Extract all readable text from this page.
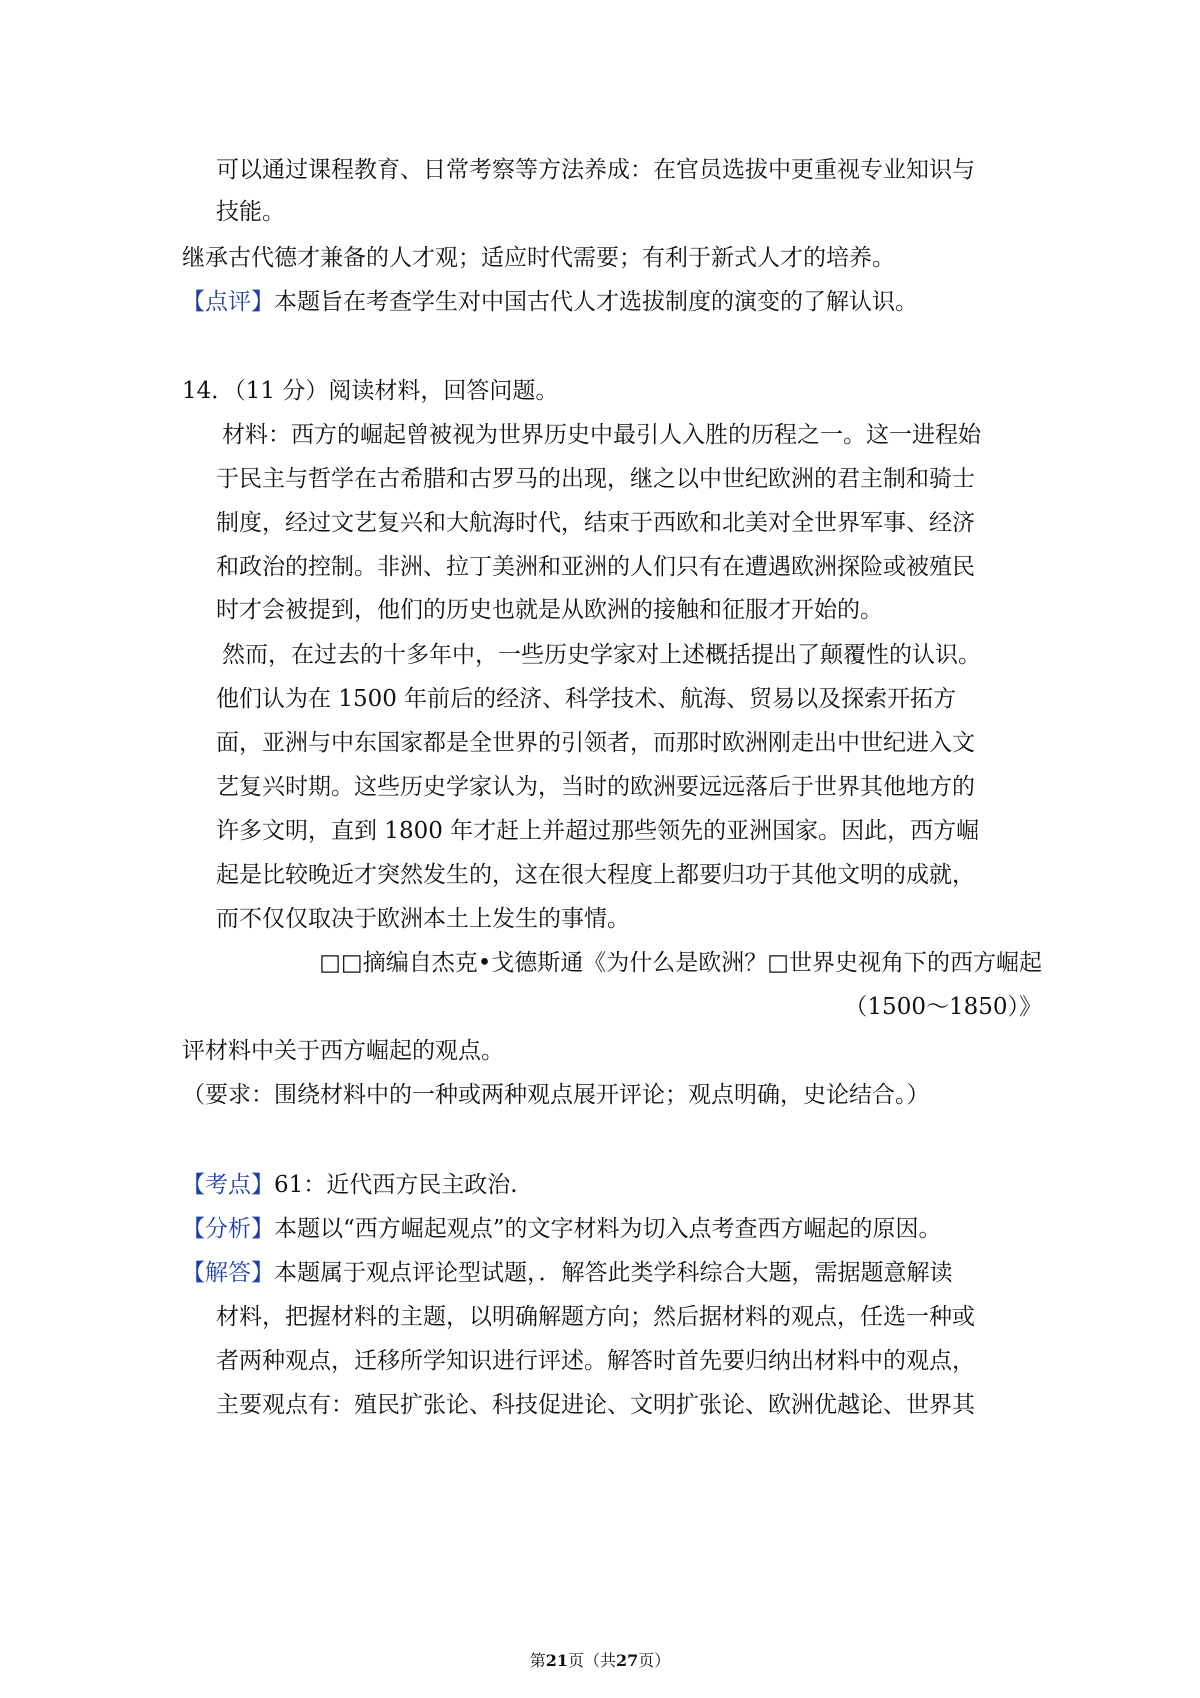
可以通过课程教育、日常考察等方法养成：在官员选拔中更重视专业知识与
技能。
继承古代德才兼备的人才观；适应时代需要；有利于新式人才的培养。
【点评】本题旨在考查学生对中国古代人才选拔制度的演变的了解认识。
14．（11 分）阅读材料，回答问题。
材料：西方的崛起曾被视为世界历史中最引人入胜的历程之一。这一进程始
于民主与哲学在古希腊和古罗马的出现，继之以中世纪欧洲的君主制和骑士
制度，经过文艺复兴和大航海时代，结束于西欧和北美对全世界军事、经济
和政治的控制。非洲、拉丁美洲和亚洲的人们只有在遭遇欧洲探险或被殖民
时才会被提到，他们的历史也就是从欧洲的接触和征服才开始的。
然而，在过去的十多年中，一些历史学家对上述概括提出了颠覆性的认识。
他们认为在 1500 年前后的经济、科学技术、航海、贸易以及探索开拓方
面，亚洲与中东国家都是全世界的引领者，而那时欧洲刚走出中世纪进入文
艺复兴时期。这些历史学家认为，当时的欧洲要远远落后于世界其他地方的
许多文明，直到 1800 年才赶上并超过那些领先的亚洲国家。因此，西方崛
起是比较晚近才突然发生的，这在很大程度上都要归功于其他文明的成就，
而不仅仅取决于欧洲本土上发生的事情。
□□摘编自杰克•戈德斯通《为什么是欧洲？□世界史视角下的西方崛起
（1500～1850）》
评材料中关于西方崛起的观点。
（要求：围绕材料中的一种或两种观点展开评论；观点明确，史论结合。）
【考点】61：近代西方民主政治.
【分析】本题以“西方崛起观点”的文字材料为切入点考查西方崛起的原因。
【解答】本题属于观点评论型试题，．解答此类学科综合大题，需据题意解读
材料，把握材料的主题，以明确解题方向；然后据材料的观点，任选一种或
者两种观点，迁移所学知识进行评述。解答时首先要归纳出材料中的观点，
主要观点有：殖民扩张论、科技促进论、文明扩张论、欧洲优越论、世界其
第21页（共27页）
